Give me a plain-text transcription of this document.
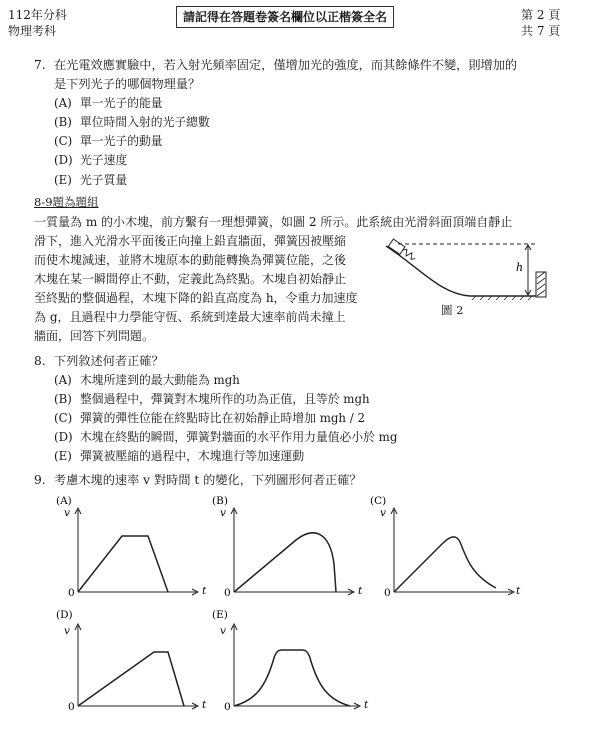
112年分科
物理考科
請記得在答題卷簽名欄位以正楷簽全名	第 2 頁
共 7 頁
7. 在光電效應實驗中，若入射光頻率固定，僅增加光的強度，而其餘條件不變，則增加的
是下列光子的哪個物理量？
(A) 單一光子的能量
(B) 單位時間入射的光子總數
(C) 單一光子的動量
(D) 光子速度
(E) 光子質量
8-9題為題組
一質量為 m 的小木塊，前方繫有一理想彈簧，如圖 2 所示。此系統由光滑斜面頂端自靜止
滑下，進入光滑水平面後正向撞上鉛直牆面，彈簧因被壓縮
而使木塊減速，並將木塊原本的動能轉換為彈簧位能，之後
木塊在某一瞬間停止不動，定義此為終點。木塊自初始靜止
至終點的整個過程，木塊下降的鉛直高度為 h，令重力加速度
為 g，且過程中力學能守恆、系統到達最大速率前尚未撞上
牆面，回答下列問題。
h
圖 2
8. 下列敘述何者正確？
(A) 木塊所達到的最大動能為 mgh
(B) 整個過程中，彈簧對木塊所作的功為正值，且等於 mgh
(C) 彈簧的彈性位能在終點時比在初始靜止時增加 mgh / 2
(D) 木塊在終點的瞬間，彈簧對牆面的水平作用力量值必小於 mg
(E) 彈簧被壓縮的過程中，木塊進行等加速運動
9. 考慮木塊的速率 v 對時間 t 的變化，下列圖形何者正確？
(A)
v
t
0
(B)
v
t
0
(C)
v
t
0
(D)
v
t
0
(E)
v
t
0
